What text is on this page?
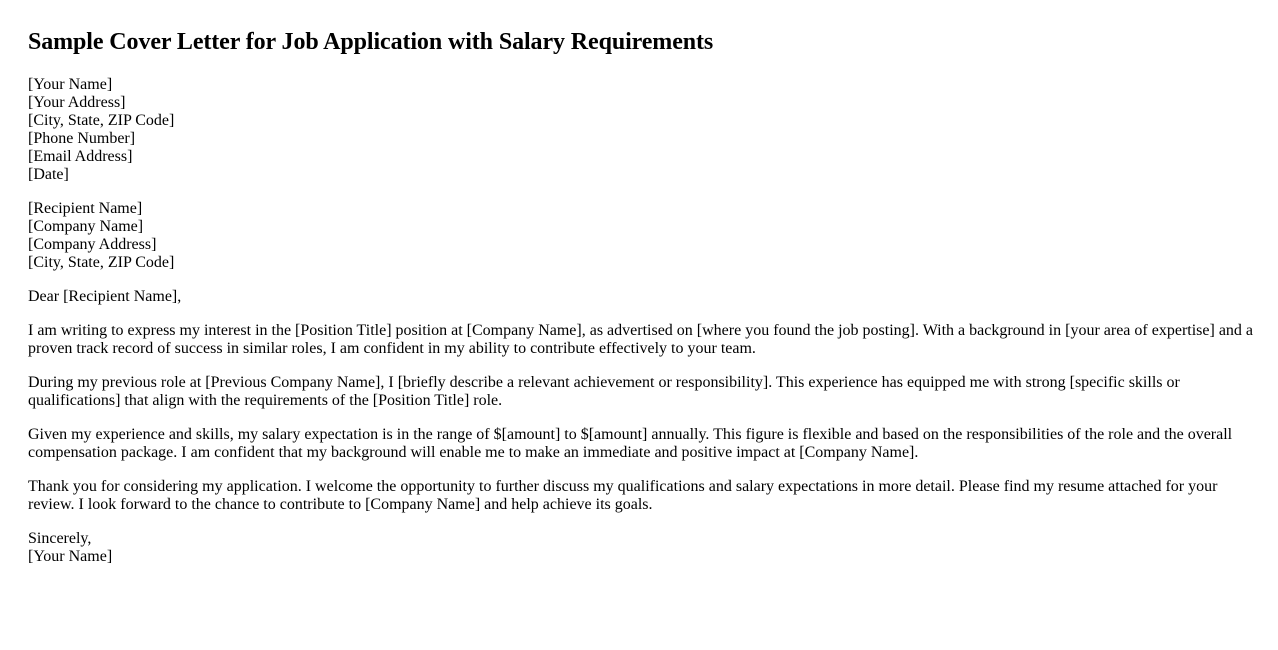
Sample Cover Letter for Job Application with Salary Requirements
[Your Name]
[Your Address]
[City, State, ZIP Code]
[Phone Number]
[Email Address]
[Date]
[Recipient Name]
[Company Name]
[Company Address]
[City, State, ZIP Code]
Dear [Recipient Name],

I am writing to express my interest in the [Position Title] position at [Company Name], as advertised on [where you found the job posting]. With a background in [your area of expertise] and a proven track record of success in similar roles, I am confident in my ability to contribute effectively to your team.

During my previous role at [Previous Company Name], I [briefly describe a relevant achievement or responsibility]. This experience has equipped me with strong [specific skills or qualifications] that align with the requirements of the [Position Title] role.

Given my experience and skills, my salary expectation is in the range of $[amount] to $[amount] annually. This figure is flexible and based on the responsibilities of the role and the overall compensation package. I am confident that my background will enable me to make an immediate and positive impact at [Company Name].

Thank you for considering my application. I welcome the opportunity to further discuss my qualifications and salary expectations in more detail. Please find my resume attached for your review. I look forward to the chance to contribute to [Company Name] and help achieve its goals.

Sincerely,
[Your Name]
